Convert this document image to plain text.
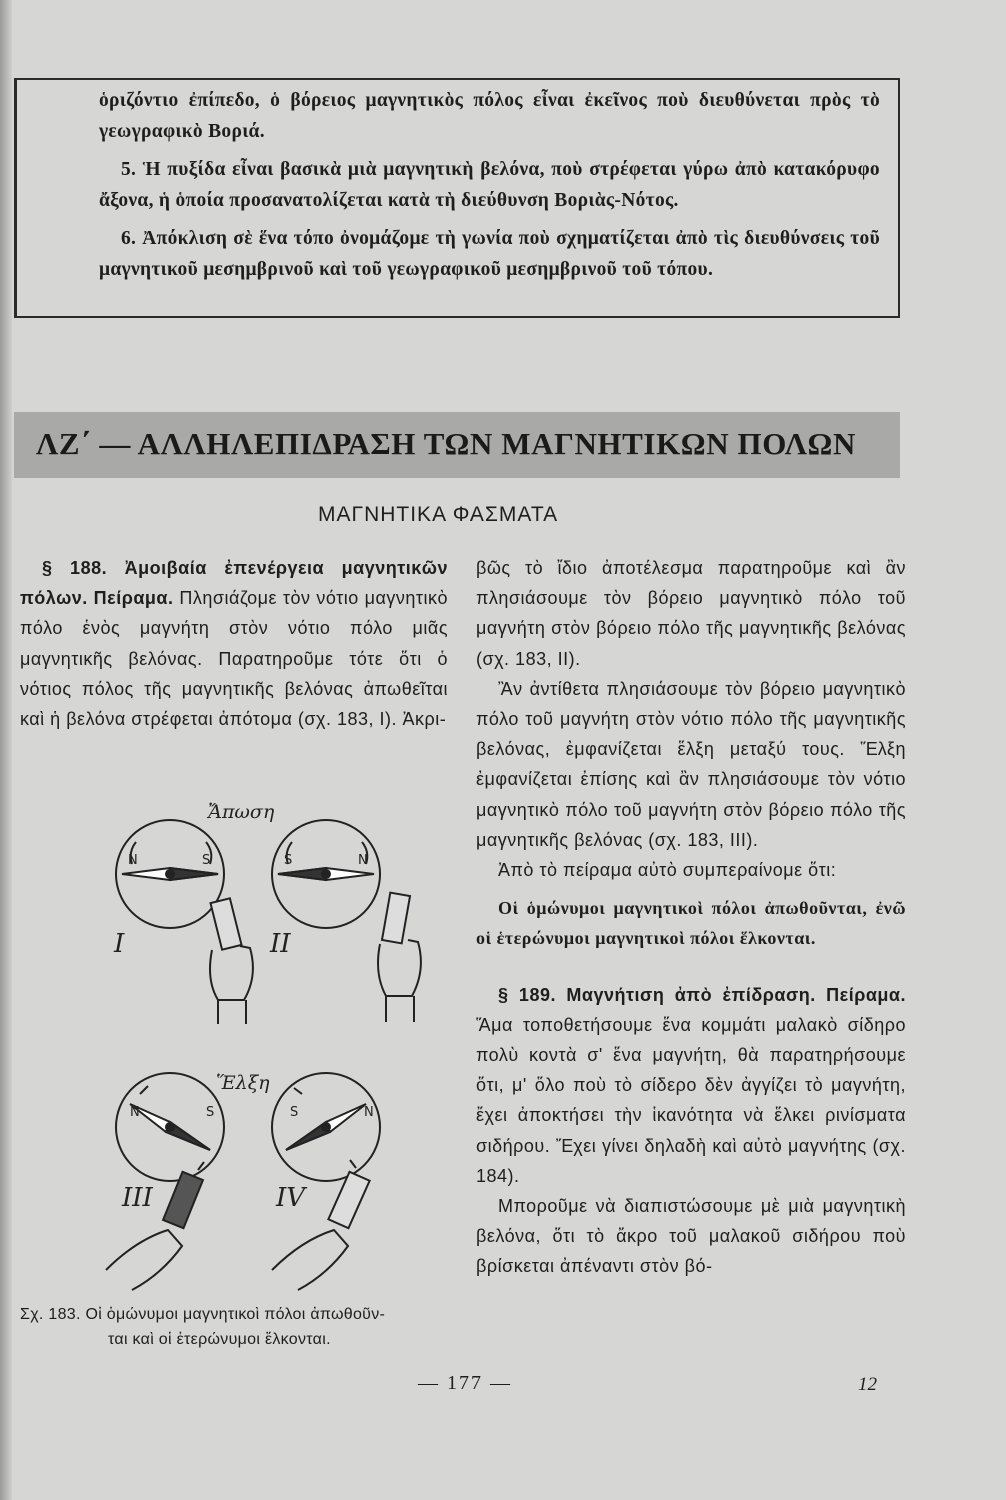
ὁριζόντιο ἐπίπεδο, ὁ βόρειος μαγνητικὸς πόλος εἶναι ἐκεῖνος ποὺ διευθύνεται πρὸς τὸ γεωγραφικὸ Βοριά.

5. Ἡ πυξίδα εἶναι βασικὰ μιὰ μαγνητικὴ βελόνα, ποὺ στρέφεται γύρω ἀπὸ κατακόρυφο ἄξονα, ἡ ὁποία προσανατολίζεται κατὰ τὴ διεύθυνση Βοριὰς-Νότος.

6. Ἀπόκλιση σὲ ἕνα τόπο ὀνομάζομε τὴ γωνία ποὺ σχηματίζεται ἀπὸ τὶς διευθύνσεις τοῦ μαγνητικοῦ μεσημβρινοῦ καὶ τοῦ γεωγραφικοῦ μεσημβρινοῦ τοῦ τόπου.

ΛΖ΄ — ΑΛΛΗΛΕΠΙΔΡΑΣΗ ΤΩΝ ΜΑΓΝΗΤΙΚΩΝ ΠΟΛΩΝ
ΜΑΓΝΗΤΙΚΑ ΦΑΣΜΑΤΑ

§ 188. Ἀμοιβαία ἐπενέργεια μαγνητικῶν πόλων. Πείραμα. Πλησιάζομε τὸν νότιο μαγνητικὸ πόλο ἑνὸς μαγνήτη στὸν νότιο πόλο μιᾶς μαγνητικῆς βελόνας. Παρατηροῦμε τότε ὅτι ὁ νότιος πόλος τῆς μαγνητικῆς βελόνας ἀπωθεῖται καὶ ἡ βελόνα στρέφεται ἀπότομα (σχ. 183, I). Ἀκρι-

N	S	S	N
N	S	S	N
Ἄπωση
Ἕλξη
I	II
III	IV
Σχ. 183. Οἱ ὁμώνυμοι μαγνητικοὶ πόλοι ἀπωθοῦν-
ται καὶ οἱ ἑτερώνυμοι ἕλκονται.

βῶς τὸ ἴδιο ἀποτέλεσμα παρατηροῦμε καὶ ἂν πλησιάσουμε τὸν βόρειο μαγνητικὸ πόλο τοῦ μαγνήτη στὸν βόρειο πόλο τῆς μαγνητικῆς βελόνας (σχ. 183, II).

Ἂν ἀντίθετα πλησιάσουμε τὸν βόρειο μαγνητικὸ πόλο τοῦ μαγνήτη στὸν νότιο πόλο τῆς μαγνητικῆς βελόνας, ἐμφανίζεται ἕλξη μεταξύ τους. Ἕλξη ἐμφανίζεται ἐπίσης καὶ ἂν πλησιάσουμε τὸν νότιο μαγνητικὸ πόλο τοῦ μαγνήτη στὸν βόρειο πόλο τῆς μαγνητικῆς βελόνας (σχ. 183, III).

Ἀπὸ τὸ πείραμα αὐτὸ συμπεραίνομε ὅτι:

Οἱ ὁμώνυμοι μαγνητικοὶ πόλοι ἀπωθοῦνται, ἐνῶ οἱ ἑτερώνυμοι μαγνητικοὶ πόλοι ἕλκονται.

§ 189. Μαγνήτιση ἀπὸ ἐπίδραση. Πείραμα. Ἅμα τοποθετήσουμε ἕνα κομμάτι μαλακὸ σίδηρο πολὺ κοντὰ σ' ἕνα μαγνήτη, θὰ παρατηρήσουμε ὅτι, μ' ὅλο ποὺ τὸ σίδερο δὲν ἀγγίζει τὸ μαγνήτη, ἔχει ἀποκτήσει τὴν ἱκανότητα νὰ ἕλκει ρινίσματα σιδήρου. Ἔχει γίνει δηλαδὴ καὶ αὐτὸ μαγνήτης (σχ. 184).

Μποροῦμε νὰ διαπιστώσουμε μὲ μιὰ μαγνητικὴ βελόνα, ὅτι τὸ ἄκρο τοῦ μαλακοῦ σιδήρου ποὺ βρίσκεται ἀπέναντι στὸν βό-

— 177 —	12
